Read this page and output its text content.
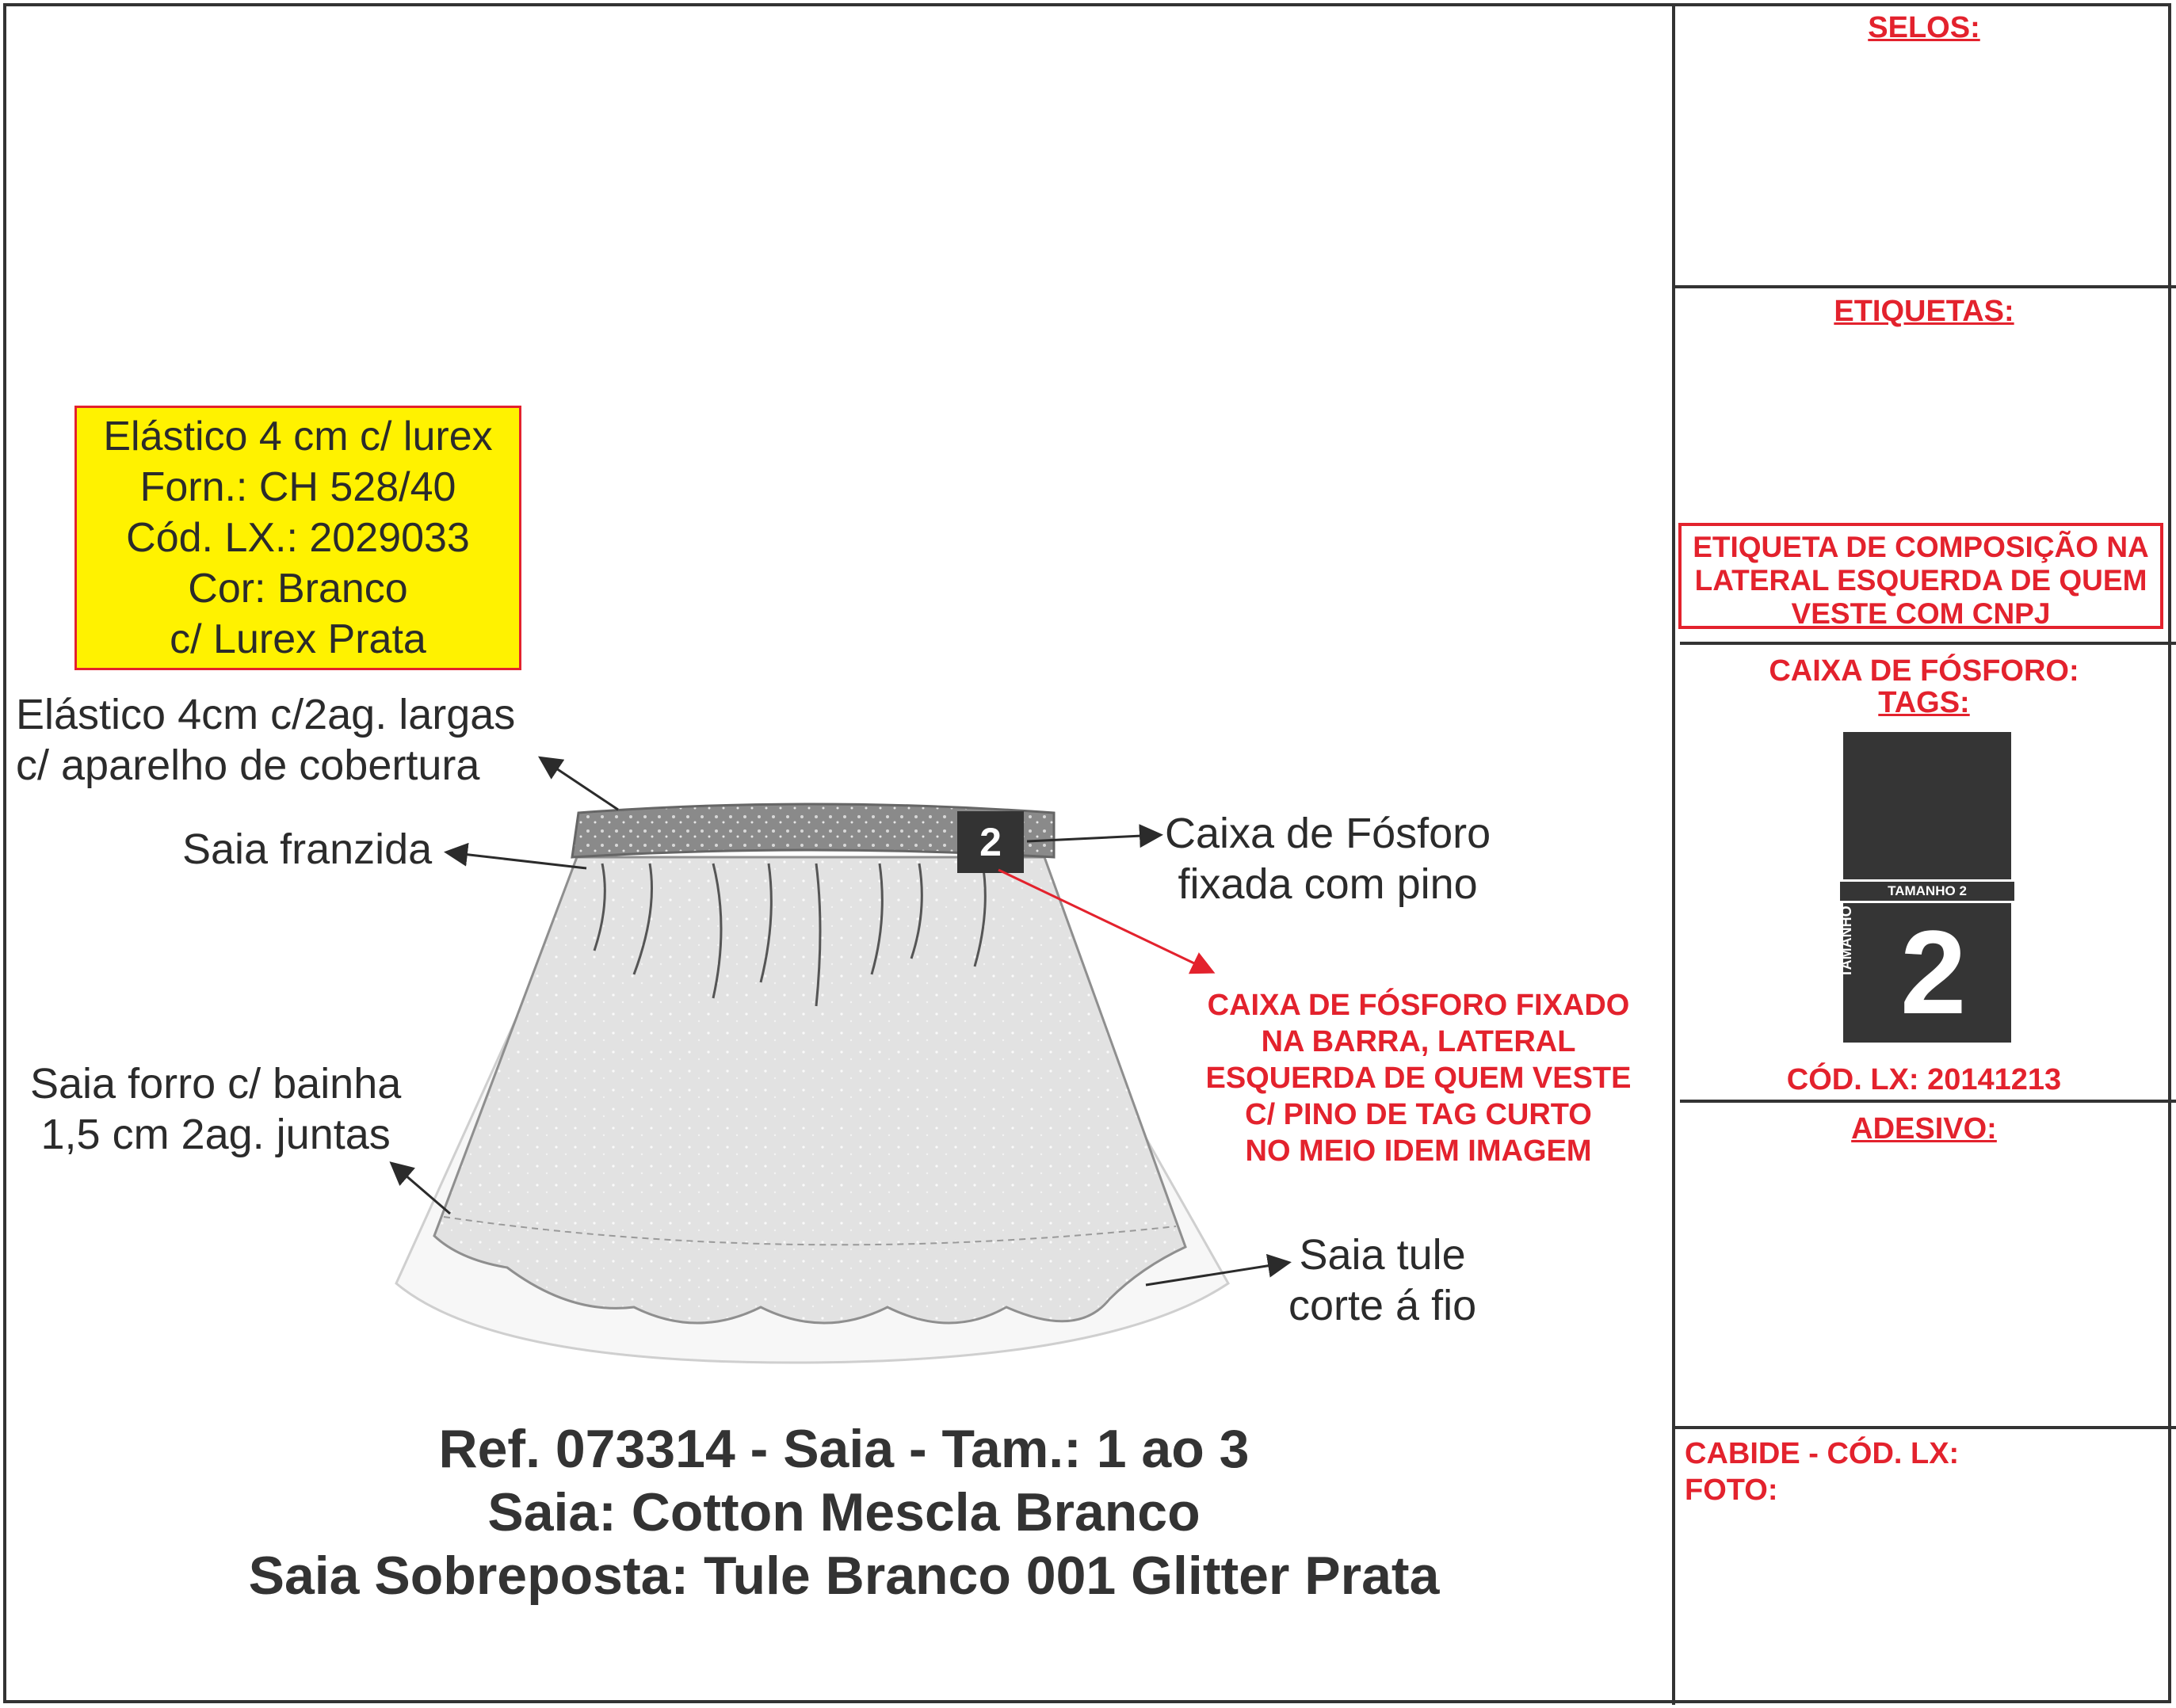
SELOS:
ETIQUETAS:
ETIQUETA DE COMPOSIÇÃO NA
LATERAL ESQUERDA DE QUEM
VESTE COM CNPJ
CAIXA DE FÓSFORO:
TAGS:
TAMANHO 2
2
TAMANHO
CÓD. LX: 20141213
ADESIVO:
CABIDE - CÓD. LX:
FOTO:
Elástico 4 cm c/ lurex
Forn.: CH 528/40
Cód. LX.: 2029033
Cor: Branco
c/ Lurex Prata
Elástico 4cm c/2ag. largas
c/ aparelho de cobertura
Saia franzida	Caixa de Fósforo
fixada com pino
Saia forro c/ bainha
1,5 cm 2ag. juntas
Saia tule
corte á fio
CAIXA DE FÓSFORO FIXADO
NA BARRA, LATERAL
ESQUERDA DE QUEM VESTE
C/ PINO DE TAG CURTO
NO MEIO IDEM IMAGEM
2
Ref. 073314 - Saia - Tam.: 1 ao 3
Saia: Cotton Mescla Branco
Saia Sobreposta: Tule Branco 001 Glitter Prata
